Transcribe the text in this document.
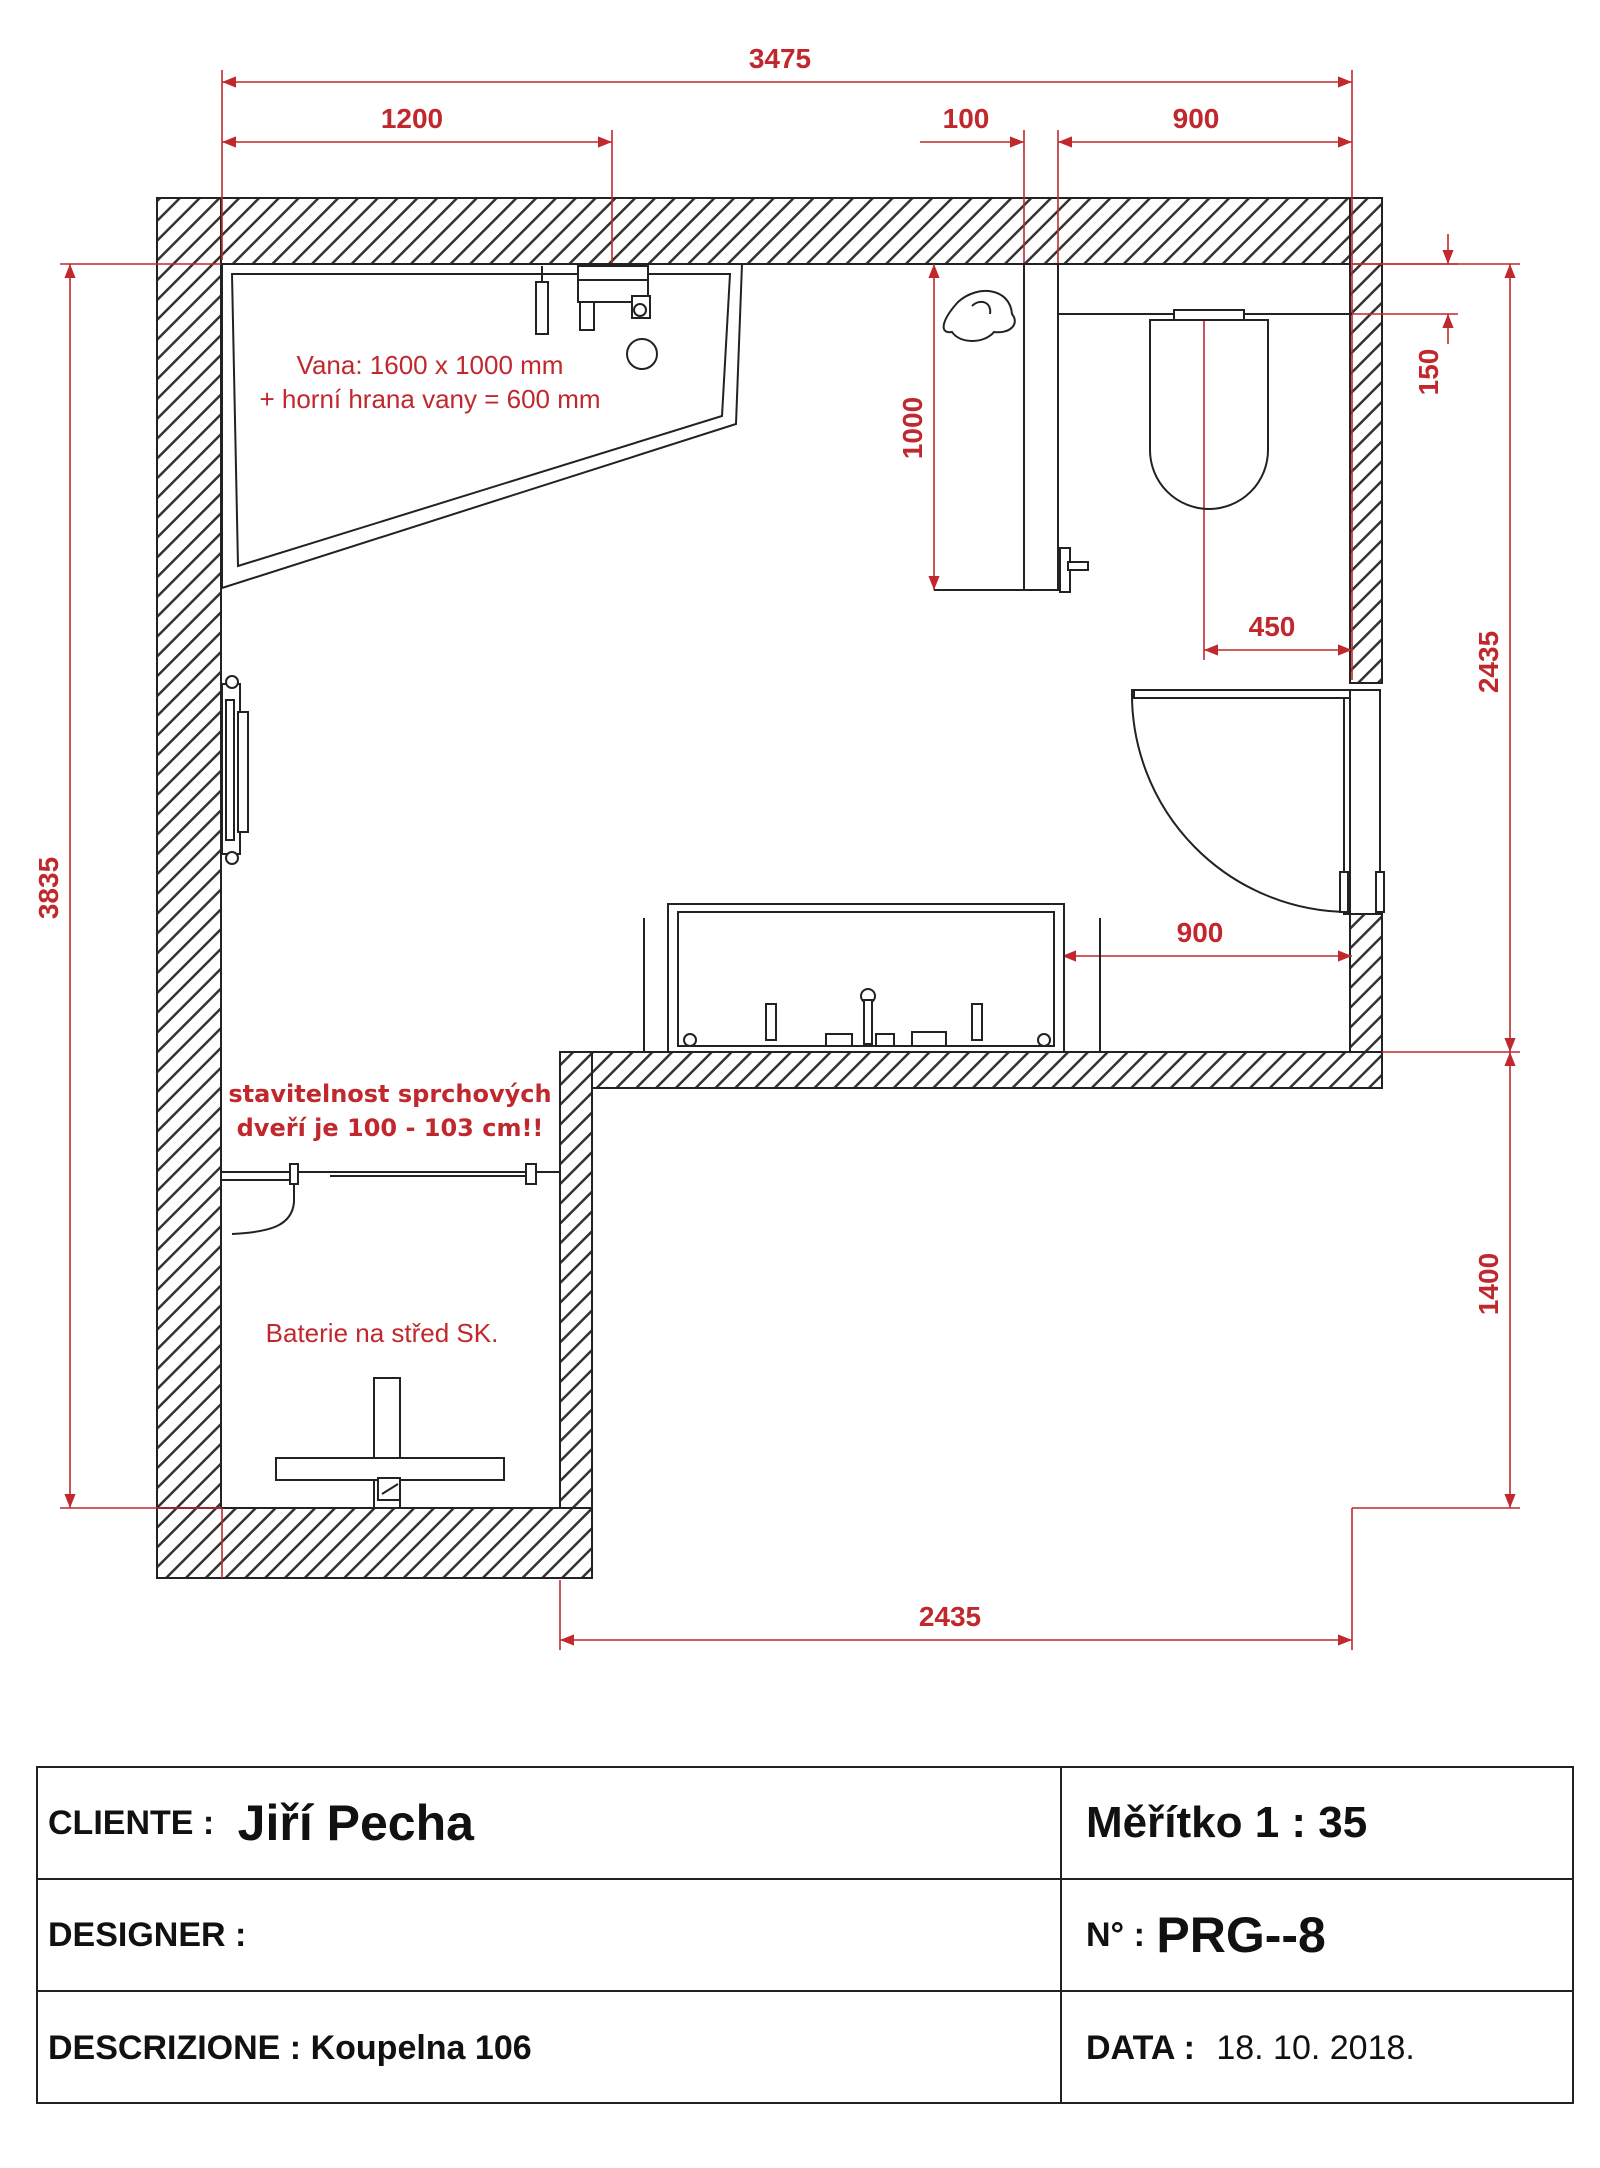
3475
1200	100	900
150
1000
450
2435
3835
900
1400
2435
Vana: 1600 x 1000 mm
+ horní hrana vany = 600 mm
stavitelnost sprchových
dveří je 100 - 103 cm!!
Baterie na střed SK.
CLIENTE : Jiří Pecha	Měřítko 1 : 35
DESIGNER :	N° : PRG--8
DESCRIZIONE : Koupelna 106	DATA : 18. 10. 2018.
